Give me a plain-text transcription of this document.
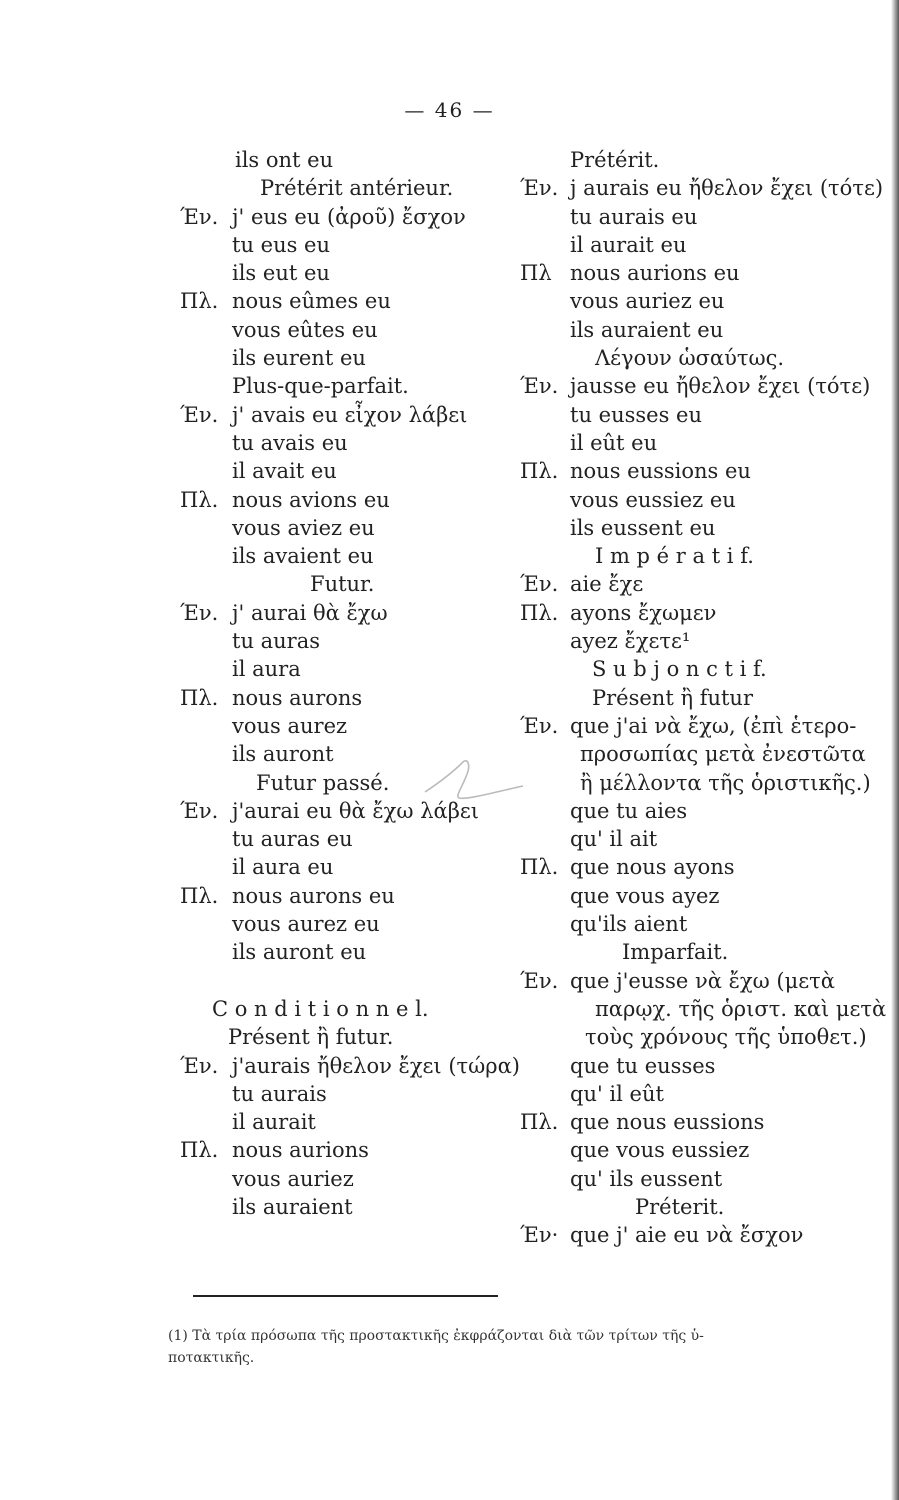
— 46 —
ils ont eu
Prétérit antérieur.
Έν. j' eus eu (ἀροῦ) ἔσχον
tu eus eu
ils eut eu
Πλ. nous eûmes eu
vous eûtes eu
ils eurent eu
Plus-que-parfait.
Έν. j' avais eu εἶχον λάβει
tu avais eu
il avait eu
Πλ. nous avions eu
vous aviez eu
ils avaient eu
Futur.
Έν. j' aurai θὰ ἔχω
tu auras
il aura
Πλ. nous aurons
vous aurez
ils auront
Futur passé.
Έν. j'aurai eu θὰ ἔχω λάβει
tu auras eu
il aura eu
Πλ. nous aurons eu
vous aurez eu
ils auront eu
C o n d i t i o n n e l.
Présent ἢ futur.
Έν. j'aurais ἤθελον ἔχει (τώρα)
tu aurais
il aurait
Πλ. nous aurions
vous auriez
ils auraient
Prétérit.
Έν. j aurais eu ἤθελον ἔχει (τότε)
tu aurais eu
il aurait eu
Πλ nous aurions eu
vous auriez eu
ils auraient eu
Λέγουν ὡσαύτως.
Έν. jausse eu ἤθελον ἔχει (τότε)
tu eusses eu
il eût eu
Πλ. nous eussions eu
vous eussiez eu
ils eussent eu
I m p é r a t i f.
Έν. aie ἔχε
Πλ. ayons ἔχωμεν
ayez ἔχετε¹
S u b j o n c t i f.
Présent ἢ futur
Έν. que j'ai νὰ ἔχω, (ἐπὶ ἑτερο-
προσωπίας μετὰ ἐνεστῶτα
ἢ μέλλοντα τῆς ὁριστικῆς.)
que tu aies
qu' il ait
Πλ. que nous ayons
que vous ayez
qu'ils aient
Imparfait.
Έν. que j'eusse νὰ ἔχω (μετὰ
παρῳχ. τῆς ὁριστ. καὶ μετὰ
τοὺς χρόνους τῆς ὑποθετ.)
que tu eusses
qu' il eût
Πλ. que nous eussions
que vous eussiez
qu' ils eussent
Préterit.
Έν· que j' aie eu νὰ ἔσχον
(1) Τὰ τρία πρόσωπα τῆς προστακτικῆς ἐκφράζονται διὰ τῶν τρίτων τῆς ὑ-
ποτακτικῆς.
